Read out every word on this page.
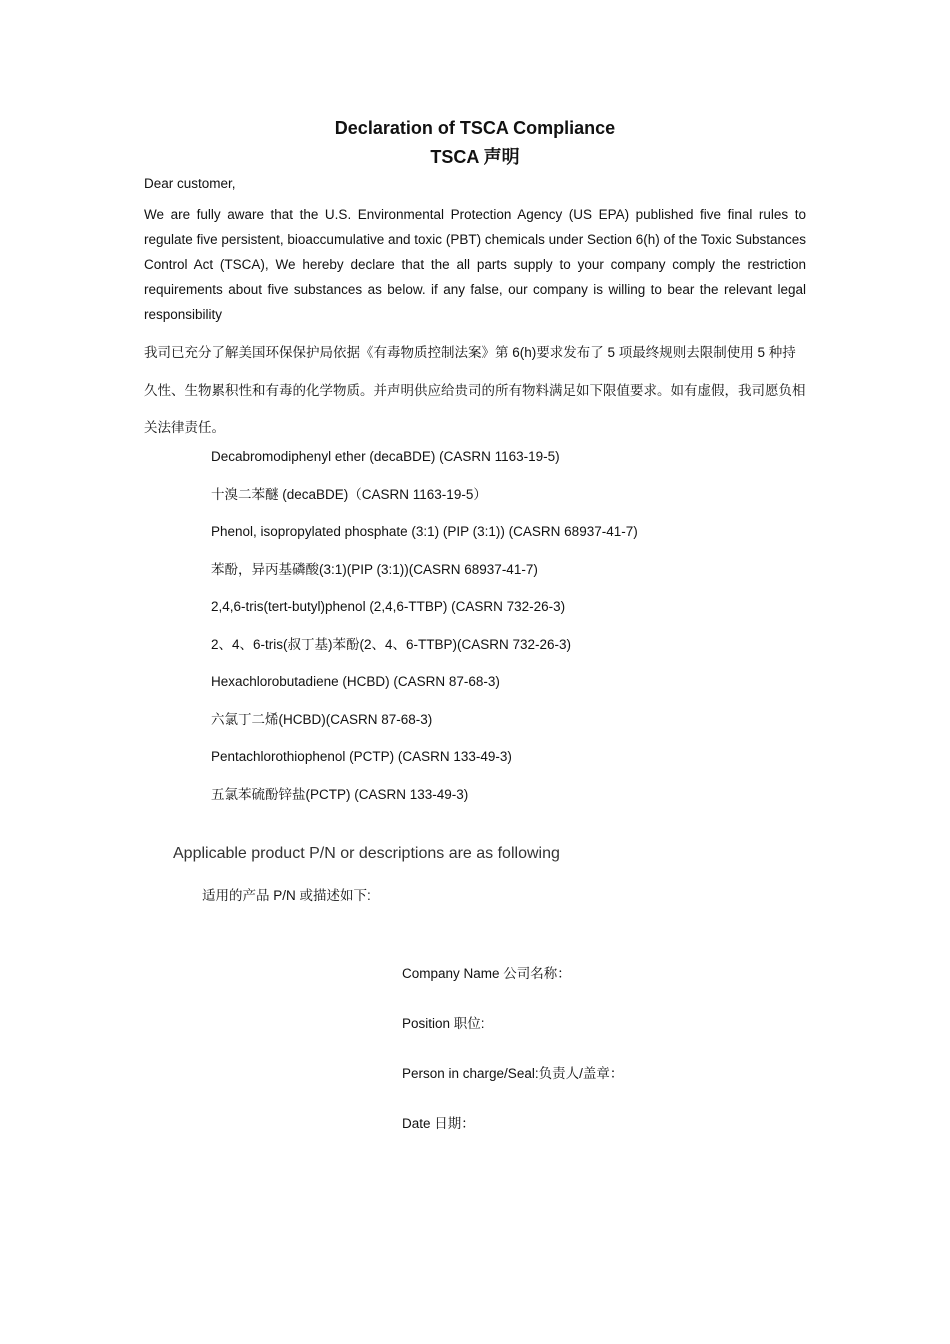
Declaration of TSCA Compliance
TSCA 声明
Dear customer,

We are fully aware that the U.S. Environmental Protection Agency (US EPA) published five final rules to regulate five persistent, bioaccumulative and toxic (PBT) chemicals under Section 6(h) of the Toxic Substances Control Act (TSCA), We hereby declare that the all parts supply to your company comply the restriction requirements about five substances as below. if any false, our company is willing to bear the relevant legal responsibility

我司已充分了解美国环保保护局依据《有毒物质控制法案》第 6(h)要求发布了 5 项最终规则去限制使用 5 种持久性、生物累积性和有毒的化学物质。并声明供应给贵司的所有物料满足如下限值要求。如有虚假，我司愿负相关法律责任。

Decabromodiphenyl ether (decaBDE) (CASRN 1163-19-5)
十溴二苯醚 (decaBDE)（CASRN 1163-19-5）
Phenol, isopropylated phosphate (3:1) (PIP (3:1)) (CASRN 68937-41-7)
苯酚，异丙基磷酸(3:1)(PIP (3:1))(CASRN 68937-41-7)
2,4,6-tris(tert-butyl)phenol (2,4,6-TTBP) (CASRN 732-26-3)
2、4、6-tris(叔丁基)苯酚(2、4、6-TTBP)(CASRN 732-26-3)
Hexachlorobutadiene (HCBD) (CASRN 87-68-3)
六氯丁二烯(HCBD)(CASRN 87-68-3)
Pentachlorothiophenol (PCTP) (CASRN 133-49-3)
五氯苯硫酚锌盐(PCTP) (CASRN 133-49-3)
Applicable product P/N or descriptions are as following
适用的产品 P/N 或描述如下:
Company Name 公司名称：
Position 职位:
Person in charge/Seal:负责人/盖章：
Date 日期：
